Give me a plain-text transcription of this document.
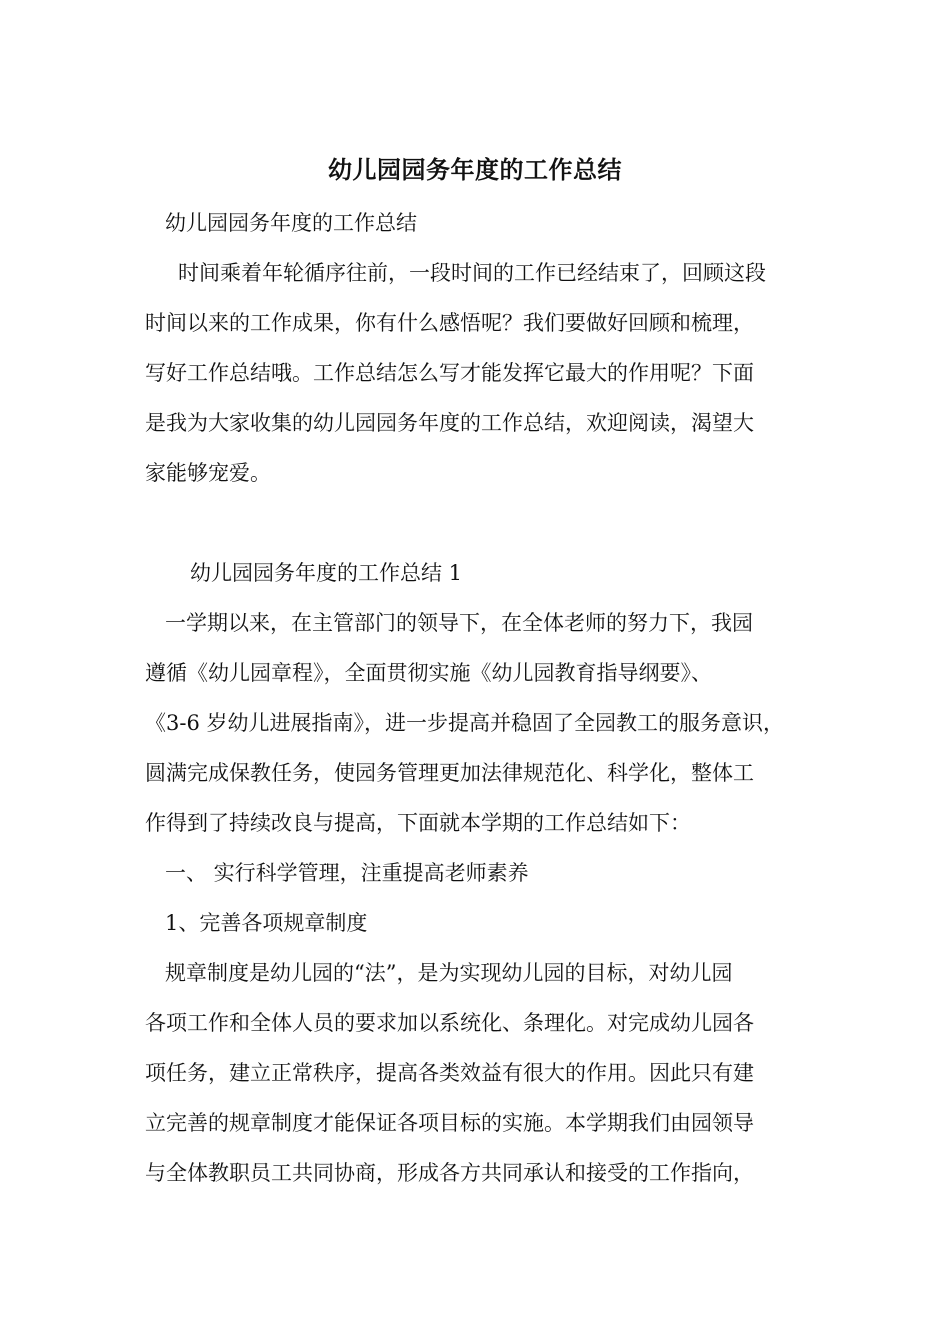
幼儿园园务年度的工作总结
幼儿园园务年度的工作总结
时间乘着年轮循序往前，一段时间的工作已经结束了，回顾这段
时间以来的工作成果，你有什么感悟呢？我们要做好回顾和梳理，
写好工作总结哦。工作总结怎么写才能发挥它最大的作用呢？下面
是我为大家收集的幼儿园园务年度的工作总结，欢迎阅读，渴望大
家能够宠爱。
幼儿园园务年度的工作总结 1
一学期以来，在主管部门的领导下，在全体老师的努力下，我园
遵循《幼儿园章程》，全面贯彻实施《幼儿园教育指导纲要》、
《3-6 岁幼儿进展指南》，进一步提高并稳固了全园教工的服务意识，
圆满完成保教任务，使园务管理更加法律规范化、科学化，整体工
作得到了持续改良与提高，下面就本学期的工作总结如下：
一、 实行科学管理，注重提高老师素养
1、完善各项规章制度
规章制度是幼儿园的“法”，是为实现幼儿园的目标，对幼儿园
各项工作和全体人员的要求加以系统化、条理化。对完成幼儿园各
项任务，建立正常秩序，提高各类效益有很大的作用。因此只有建
立完善的规章制度才能保证各项目标的实施。本学期我们由园领导
与全体教职员工共同协商，形成各方共同承认和接受的工作指向，
